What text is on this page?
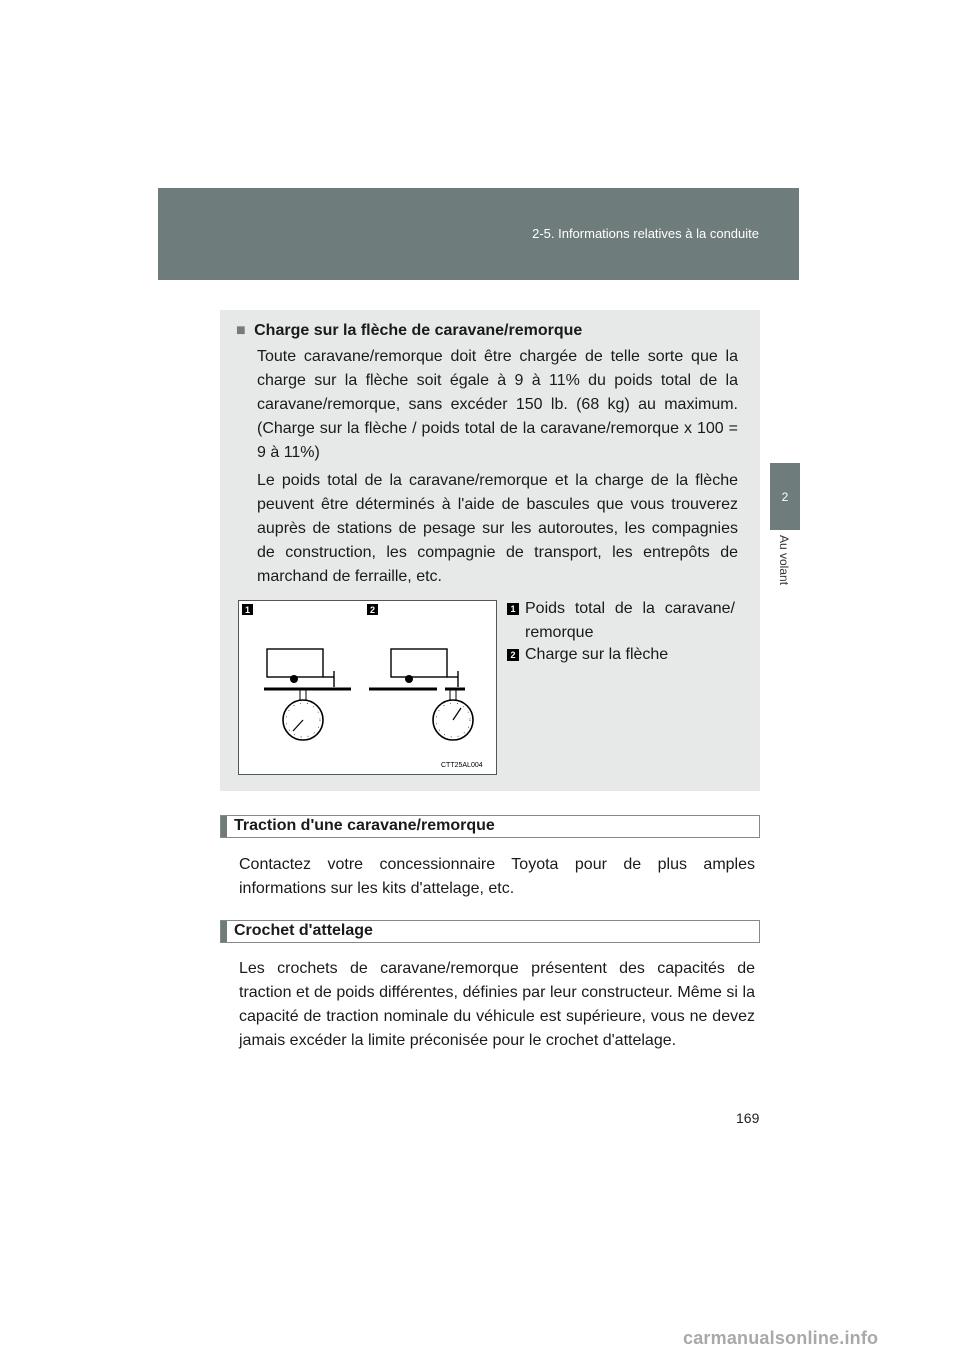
2-5. Informations relatives à la conduite
2
Au volant
■ Charge sur la flèche de caravane/remorque
Toute caravane/remorque doit être chargée de telle sorte que la charge sur la flèche soit égale à 9 à 11% du poids total de la caravane/remorque, sans excéder 150 lb. (68 kg) au maximum. (Charge sur la flèche / poids total de la caravane/remorque x 100 = 9 à 11%)
Le poids total de la caravane/remorque et la charge de la flèche peuvent être déterminés à l'aide de bascules que vous trouverez auprès de stations de pesage sur les autoroutes, les compagnies de construction, les compagnie de transport, les entrepôts de marchand de ferraille, etc.
1	2
CTT25AL004
1 Poids total de la caravane/ remorque
2 Charge sur la flèche
Traction d'une caravane/remorque
Contactez votre concessionnaire Toyota pour de plus amples informations sur les kits d'attelage, etc.
Crochet d'attelage
Les crochets de caravane/remorque présentent des capacités de traction et de poids différentes, définies par leur constructeur. Même si la capacité de traction nominale du véhicule est supérieure, vous ne devez jamais excéder la limite préconisée pour le crochet d'attelage.
169
carmanualsonline.info
